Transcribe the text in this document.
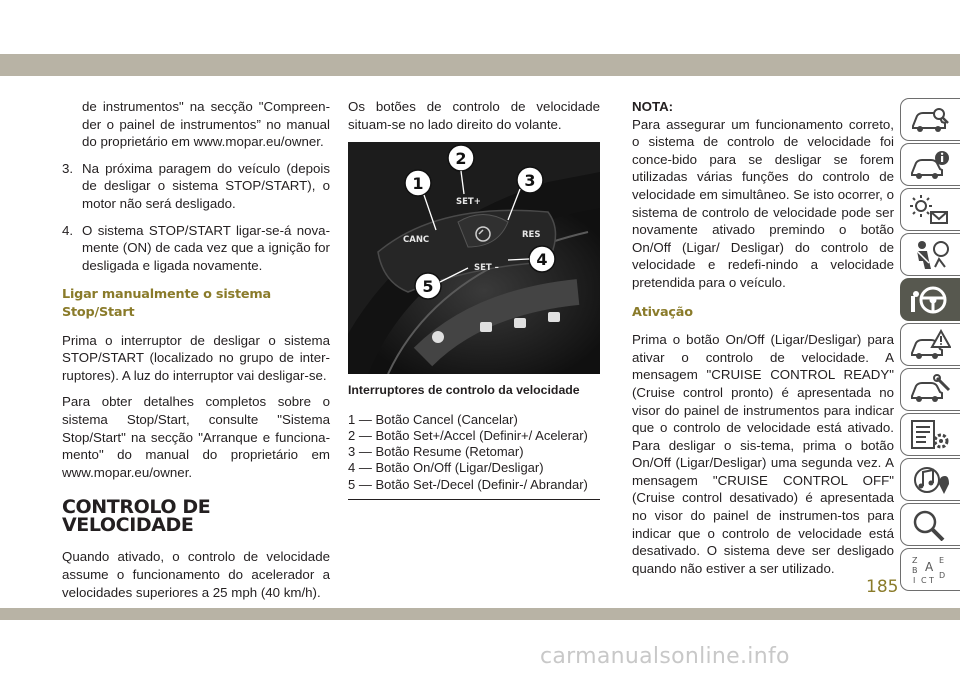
de instrumentos" na secção "Compreen-der o painel de instrumentos” no manual do proprietário em www.mopar.eu/owner.

3. Na próxima paragem do veículo (depois de desligar o sistema STOP/START), o motor não será desligado.
4. O sistema STOP/START ligar-se-á nova-mente (ON) de cada vez que a ignição for desligada e ligada novamente.
Ligar manualmente o sistema Stop/Start

Prima o interruptor de desligar o sistema STOP/START (localizado no grupo de inter-ruptores). A luz do interruptor vai desligar-se.

Para obter detalhes completos sobre o sistema Stop/Start, consulte "Sistema Stop/Start" na secção "Arranque e funciona-mento" do manual do proprietário em www.mopar.eu/owner.

CONTROLO DE VELOCIDADE

Quando ativado, o controlo de velocidade assume o funcionamento do acelerador a velocidades superiores a 25 mph (40 km/h).

Os botões de controlo de velocidade situam-se no lado direito do volante.

CANC
SET+
RES
SET –
1
2
3
4
5
Interruptores de controlo da velocidade

1 — Botão Cancel (Cancelar)

2 — Botão Set+/Accel (Definir+/ Acelerar)

3 — Botão Resume (Retomar)

4 — Botão On/Off (Ligar/Desligar)

5 — Botão Set-/Decel (Definir-/ Abrandar)

NOTA:

Para assegurar um funcionamento correto, o sistema de controlo de velocidade foi conce-bido para se desligar se forem utilizadas várias funções do controlo de velocidade em simultâneo. Se isto ocorrer, o sistema de controlo de velocidade pode ser novamente ativado premindo o botão On/Off (Ligar/ Desligar) do controlo de velocidade e redefi-nindo a velocidade pretendida para o veículo.

Ativação

Prima o botão On/Off (Ligar/Desligar) para ativar o controlo de velocidade. A mensagem "CRUISE CONTROL READY" (Cruise control pronto) é apresentada no visor do painel de instrumentos para indicar que o controlo de velocidade está ativado. Para desligar o sis-tema, prima o botão On/Off (Ligar/Desligar) uma segunda vez. A mensagem "CRUISE CONTROL OFF" (Cruise control desativado) é apresentada no visor do painel de instrumen-tos para indicar que o controlo de velocidade está desativado. O sistema deve ser desligado quando não estiver a ser utilizado.

Z	E
B A
I C T
D
185
carmanualsonline.info
